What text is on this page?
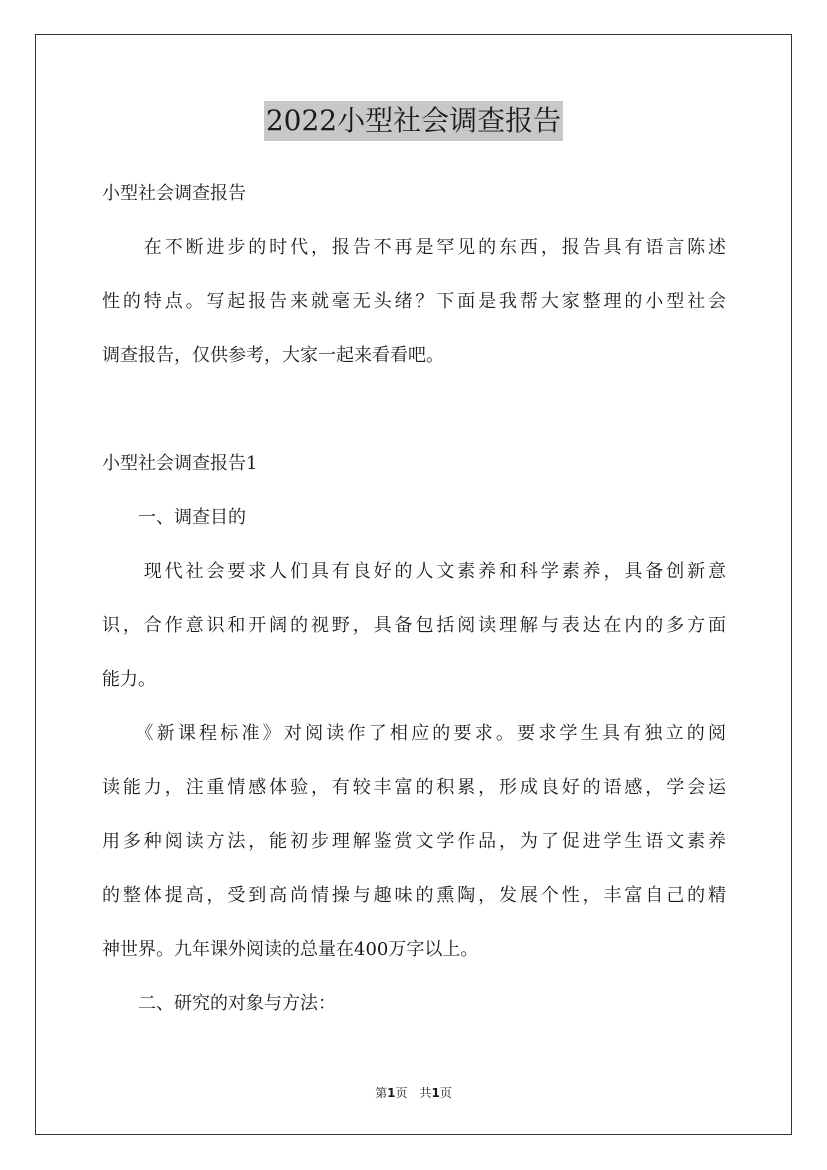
2022小型社会调查报告
小型社会调查报告
　　在不断进步的时代，报告不再是罕见的东西，报告具有语言陈述
性的特点。写起报告来就毫无头绪？下面是我帮大家整理的小型社会
调查报告，仅供参考，大家一起来看看吧。
小型社会调查报告1
　　一、调查目的
　　现代社会要求人们具有良好的人文素养和科学素养，具备创新意
识，合作意识和开阔的视野，具备包括阅读理解与表达在内的多方面
能力。
　　《新课程标准》对阅读作了相应的要求。要求学生具有独立的阅
读能力，注重情感体验，有较丰富的积累，形成良好的语感，学会运
用多种阅读方法，能初步理解鉴赏文学作品，为了促进学生语文素养
的整体提高，受到高尚情操与趣味的熏陶，发展个性，丰富自己的精
神世界。九年课外阅读的总量在400万字以上。
　　二、研究的对象与方法：
第1页　共1页
